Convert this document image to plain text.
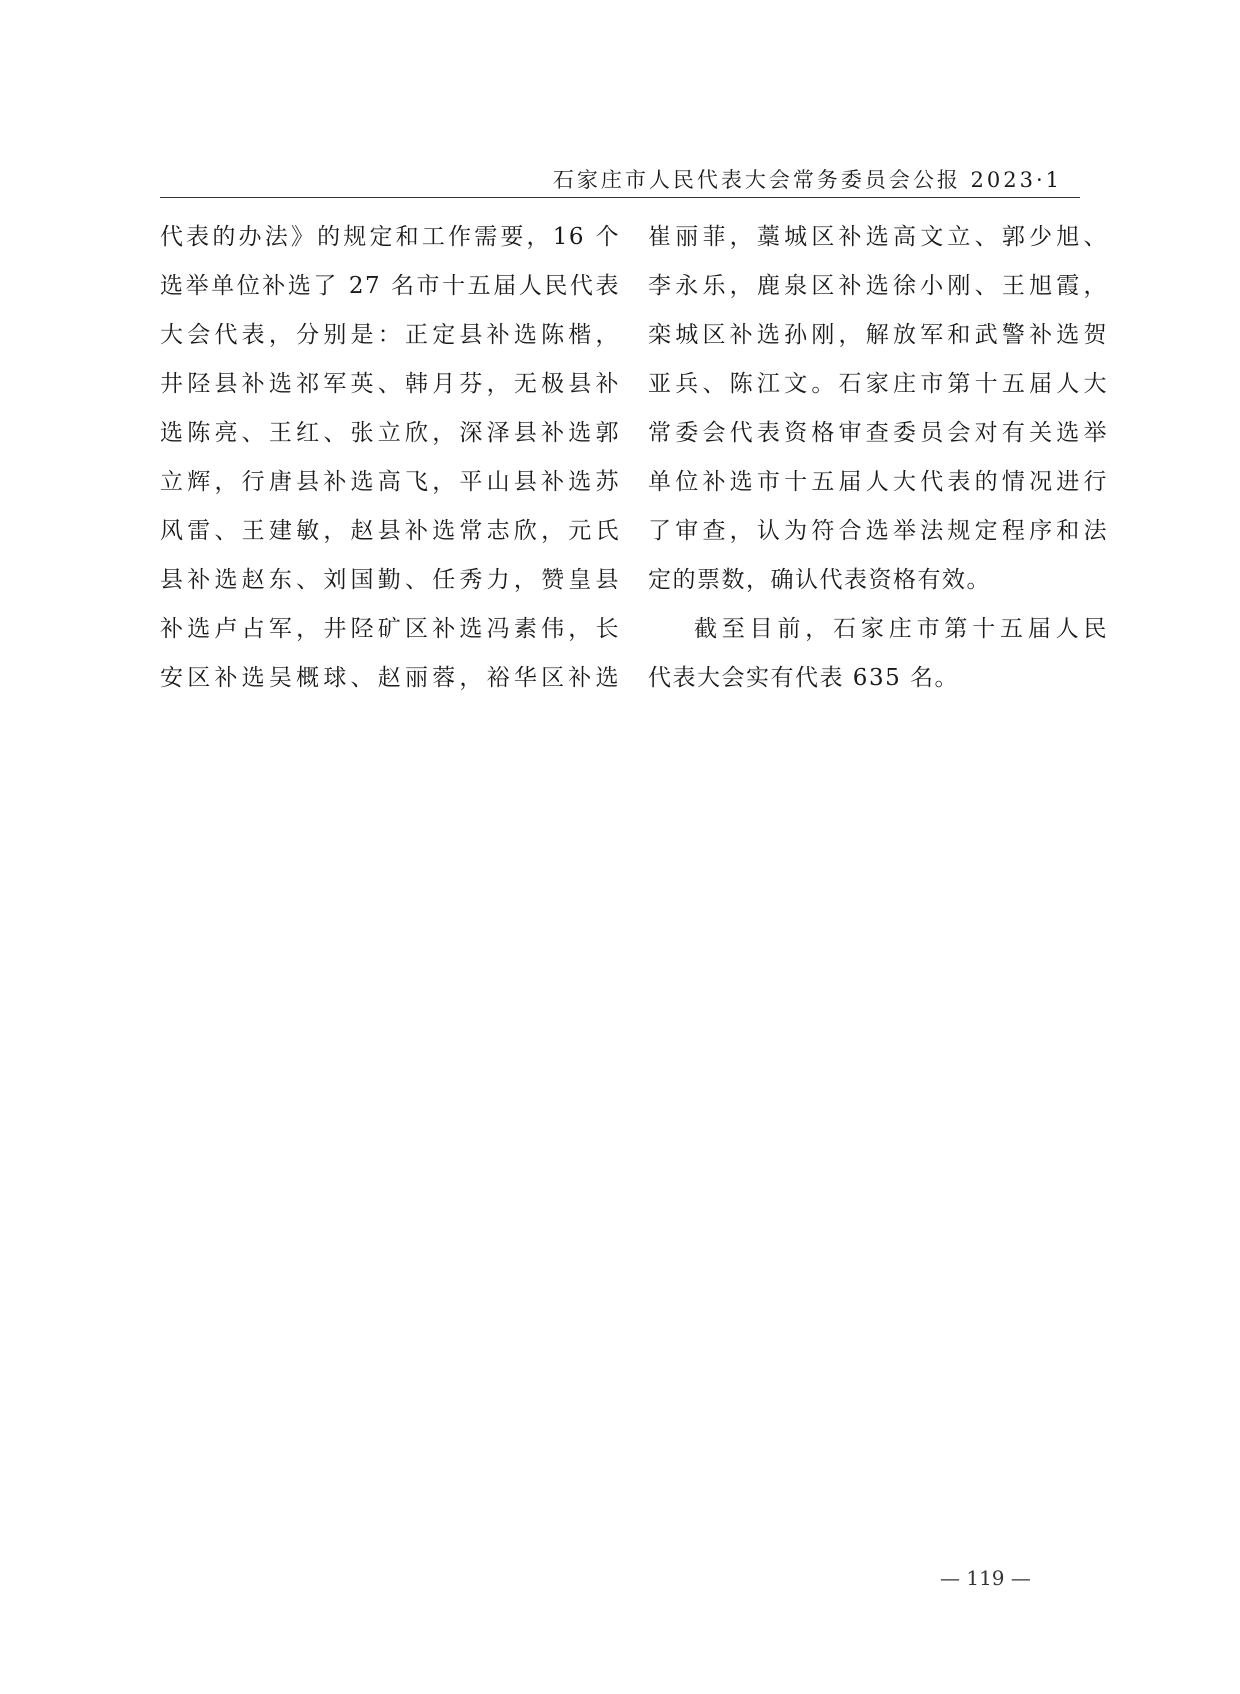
石家庄市人民代表大会常务委员会公报 2023·1
代表的办法》的规定和工作需要，16 个
选举单位补选了 27 名市十五届人民代表
大会代表，分别是：正定县补选陈楷，
井陉县补选祁军英、韩月芬，无极县补
选陈亮、王红、张立欣，深泽县补选郭
立辉，行唐县补选高飞，平山县补选苏
风雷、王建敏，赵县补选常志欣，元氏
县补选赵东、刘国勤、任秀力，赞皇县
补选卢占军，井陉矿区补选冯素伟，长
安区补选吴概球、赵丽蓉，裕华区补选
崔丽菲，藁城区补选高文立、郭少旭、
李永乐，鹿泉区补选徐小刚、王旭霞，
栾城区补选孙刚，解放军和武警补选贺
亚兵、陈江文。石家庄市第十五届人大
常委会代表资格审查委员会对有关选举
单位补选市十五届人大代表的情况进行
了审查，认为符合选举法规定程序和法
定的票数，确认代表资格有效。
截至目前，石家庄市第十五届人民
代表大会实有代表 635 名。
— 119 —
